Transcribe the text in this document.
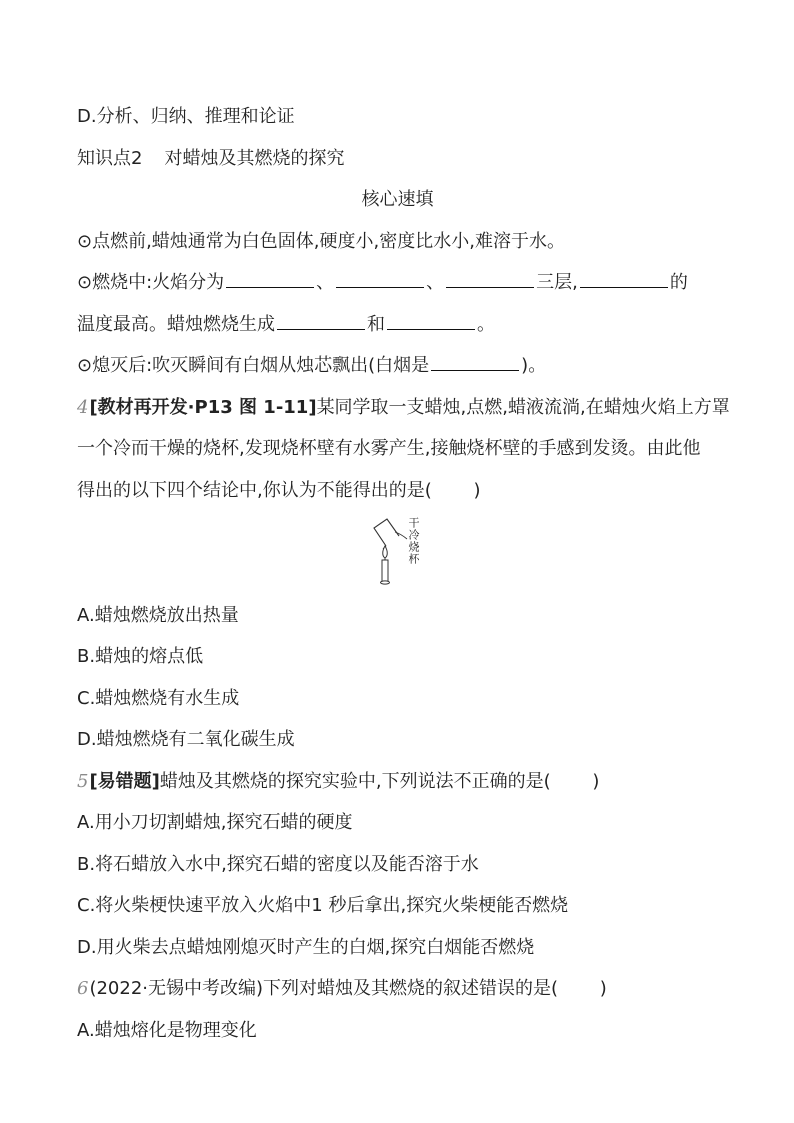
D.分析、归纳、推理和论证
知识点2 对蜡烛及其燃烧的探究
核心速填
⊙点燃前,蜡烛通常为白色固体,硬度小,密度比水小,难溶于水。
⊙燃烧中:火焰分为	、	、	三层,	的
温度最高。蜡烛燃烧生成	和	。
⊙熄灭后:吹灭瞬间有白烟从烛芯飘出(白烟是	)。
4[教材再开发·P13 图 1-11]某同学取一支蜡烛,点燃,蜡液流淌,在蜡烛火焰上方罩
一个冷而干燥的烧杯,发现烧杯壁有水雾产生,接触烧杯壁的手感到发烫。由此他
得出的以下四个结论中,你认为不能得出的是(　　 )
干冷烧杯
A.蜡烛燃烧放出热量
B.蜡烛的熔点低
C.蜡烛燃烧有水生成
D.蜡烛燃烧有二氧化碳生成
5[易错题]蜡烛及其燃烧的探究实验中,下列说法不正确的是(　　 )
A.用小刀切割蜡烛,探究石蜡的硬度
B.将石蜡放入水中,探究石蜡的密度以及能否溶于水
C.将火柴梗快速平放入火焰中1 秒后拿出,探究火柴梗能否燃烧
D.用火柴去点蜡烛刚熄灭时产生的白烟,探究白烟能否燃烧
6(2022·无锡中考改编)下列对蜡烛及其燃烧的叙述错误的是(　　 )
A.蜡烛熔化是物理变化
